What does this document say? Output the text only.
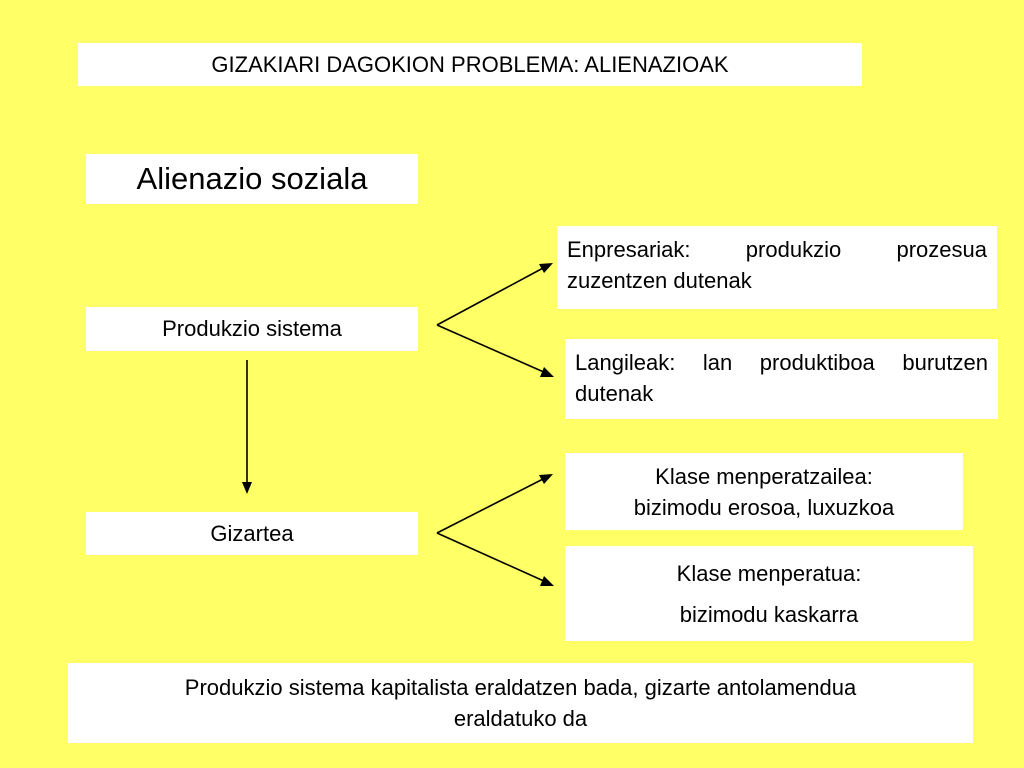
GIZAKIARI DAGOKION PROBLEMA: ALIENAZIOAK
Alienazio soziala
Produkzio sistema
Gizartea
Enpresariak: produkzio prozesua zuzentzen dutenak
Langileak: lan produktiboa burutzen dutenak
Klase menperatzailea:
bizimodu erosoa, luxuzkoa
Klase menperatua:
bizimodu kaskarra
Produkzio sistema kapitalista eraldatzen bada, gizarte antolamendua
eraldatuko da
